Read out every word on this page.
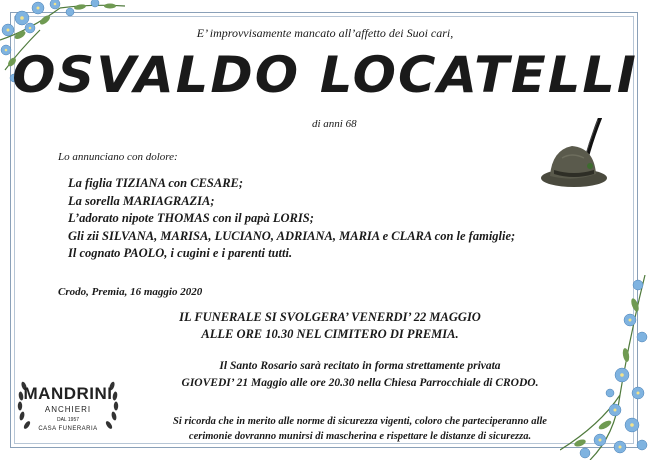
E’ improvvisamente mancato all’affetto dei Suoi cari,
OSVALDO LOCATELLI
di anni 68
Lo annunciano con dolore:
La figlia TIZIANA con CESARE;
La sorella MARIAGRAZIA;
L’adorato nipote THOMAS con il papà LORIS;
Gli zii SILVANA, MARISA, LUCIANO, ADRIANA, MARIA e CLARA con le famiglie;
Il cognato PAOLO, i cugini e i parenti tutti.
Crodo, Premia, 16 maggio 2020
IL FUNERALE SI SVOLGERA’ VENERDI’ 22 MAGGIO
ALLE ORE 10.30 NEL CIMITERO DI PREMIA.
Il Santo Rosario sarà recitato in forma strettamente privata
GIOVEDI’ 21 Maggio alle ore 20.30 nella Chiesa Parrocchiale di CRODO.
Si ricorda che in merito alle norme di sicurezza vigenti, coloro che parteciperanno alle
cerimonie dovranno munirsi di mascherina e rispettare le distanze di sicurezza.
MANDRINI
ANCHIERI
DAL 1957
CASA FUNERARIA
